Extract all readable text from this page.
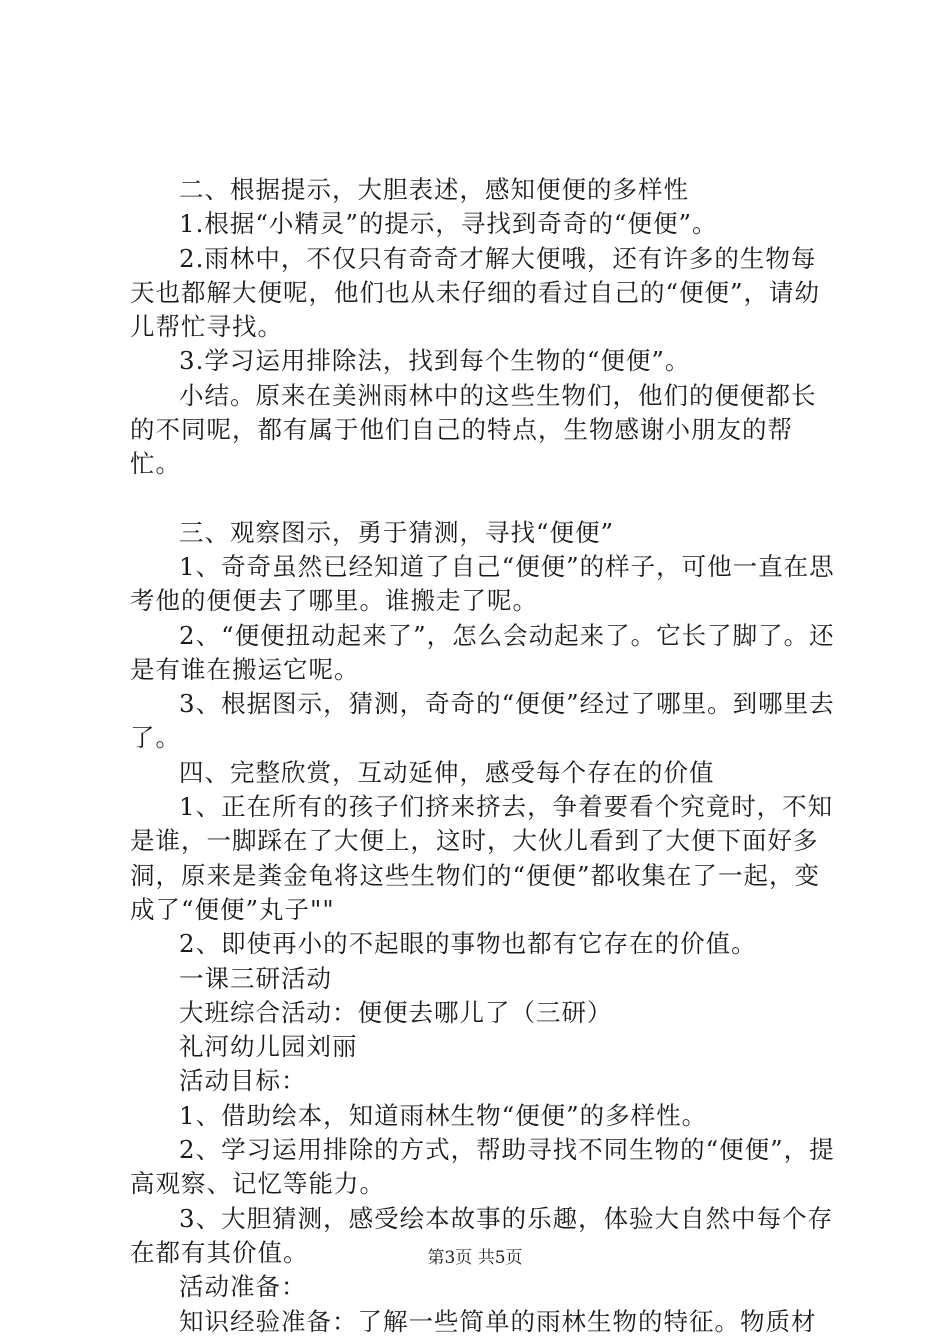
二、根据提示，大胆表述，感知便便的多样性

1.根据“小精灵”的提示，寻找到奇奇的“便便”。

2.雨林中，不仅只有奇奇才解大便哦，还有许多的生物每天也都解大便呢，他们也从未仔细的看过自己的“便便”，请幼儿帮忙寻找。

3.学习运用排除法，找到每个生物的“便便”。

小结。原来在美洲雨林中的这些生物们，他们的便便都长的不同呢，都有属于他们自己的特点，生物感谢小朋友的帮忙。

三、观察图示，勇于猜测，寻找“便便”

1、奇奇虽然已经知道了自己“便便”的样子，可他一直在思考他的便便去了哪里。谁搬走了呢。

2、“便便扭动起来了”，怎么会动起来了。它长了脚了。还是有谁在搬运它呢。

3、根据图示，猜测，奇奇的“便便”经过了哪里。到哪里去了。

四、完整欣赏，互动延伸，感受每个存在的价值

1、正在所有的孩子们挤来挤去，争着要看个究竟时，不知是谁，一脚踩在了大便上，这时，大伙儿看到了大便下面好多洞，原来是粪金龟将这些生物们的“便便”都收集在了一起，变成了“便便”丸子""

2、即使再小的不起眼的事物也都有它存在的价值。

一课三研活动

大班综合活动：便便去哪儿了（三研）

礼河幼儿园刘丽

活动目标：

1、借助绘本，知道雨林生物“便便”的多样性。

2、学习运用排除的方式，帮助寻找不同生物的“便便”，提高观察、记忆等能力。

3、大胆猜测，感受绘本故事的乐趣，体验大自然中每个存在都有其价值。

活动准备：

知识经验准备：了解一些简单的雨林生物的特征。物质材

第3页 共5页
